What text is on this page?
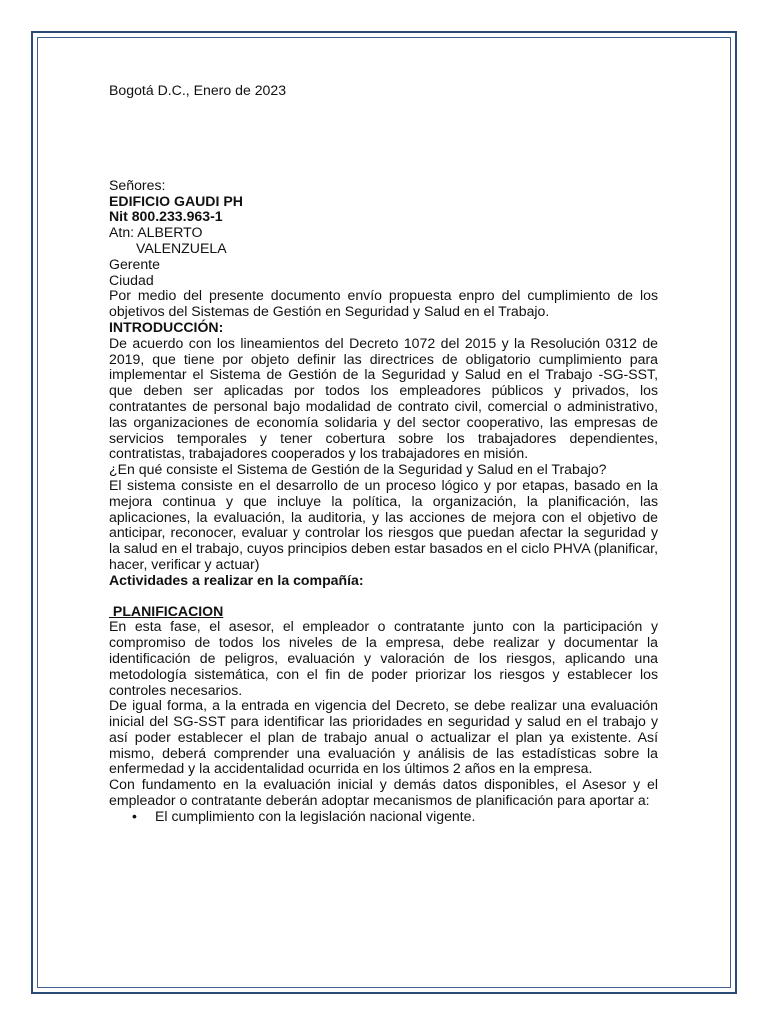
Bogotá D.C., Enero de 2023

Señores:

EDIFICIO GAUDI PH

Nit 800.233.963-1

Atn: ALBERTO

VALENZUELA

Gerente

Ciudad

Por medio del presente documento envío propuesta enpro del cumplimiento de los objetivos del Sistemas de Gestión en Seguridad y Salud en el Trabajo.

INTRODUCCIÓN:

De acuerdo con los lineamientos del Decreto 1072 del 2015 y la Resolución 0312 de 2019, que tiene por objeto definir las directrices de obligatorio cumplimiento para implementar el Sistema de Gestión de la Seguridad y Salud en el Trabajo -SG-SST, que deben ser aplicadas por todos los empleadores públicos y privados, los contratantes de personal bajo modalidad de contrato civil, comercial o administrativo, las organizaciones de economía solidaria y del sector cooperativo, las empresas de servicios temporales y tener cobertura sobre los trabajadores dependientes, contratistas, trabajadores cooperados y los trabajadores en misión.

¿En qué consiste el Sistema de Gestión de la Seguridad y Salud en el Trabajo?

El sistema consiste en el desarrollo de un proceso lógico y por etapas, basado en la mejora continua y que incluye la política, la organización, la planificación, las aplicaciones, la evaluación, la auditoria, y las acciones de mejora con el objetivo de anticipar, reconocer, evaluar y controlar los riesgos que puedan afectar la seguridad y la salud en el trabajo, cuyos principios deben estar basados en el ciclo PHVA (planificar, hacer, verificar y actuar)

Actividades a realizar en la compañía:

PLANIFICACION

En esta fase, el asesor, el empleador o contratante junto con la participación y compromiso de todos los niveles de la empresa, debe realizar y documentar la identificación de peligros, evaluación y valoración de los riesgos, aplicando una metodología sistemática, con el fin de poder priorizar los riesgos y establecer los controles necesarios.

De igual forma, a la entrada en vigencia del Decreto, se debe realizar una evaluación inicial del SG-SST para identificar las prioridades en seguridad y salud en el trabajo y así poder establecer el plan de trabajo anual o actualizar el plan ya existente. Así mismo, deberá comprender una evaluación y análisis de las estadísticas sobre la enfermedad y la accidentalidad ocurrida en los últimos 2 años en la empresa.

Con fundamento en la evaluación inicial y demás datos disponibles, el Asesor y el empleador o contratante deberán adoptar mecanismos de planificación para aportar a:

• El cumplimiento con la legislación nacional vigente.
